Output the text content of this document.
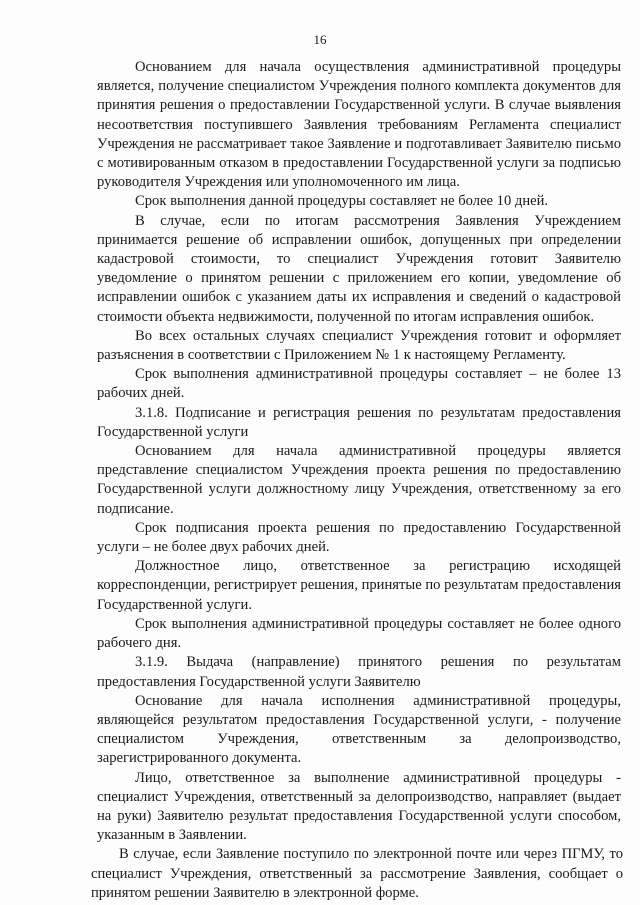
16

Основанием для начала осуществления административной процедуры является, получение специалистом Учреждения полного комплекта документов для принятия решения о предоставлении Государственной услуги. В случае выявления несоответствия поступившего Заявления требованиям Регламента специалист Учреждения не рассматривает такое Заявление и подготавливает Заявителю письмо с мотивированным отказом в предоставлении Государственной услуги за подписью руководителя Учреждения или уполномоченного им лица.

Срок выполнения данной процедуры составляет не более 10 дней.

В случае, если по итогам рассмотрения Заявления Учреждением принимается решение об исправлении ошибок, допущенных при определении кадастровой стоимости, то специалист Учреждения готовит Заявителю уведомление о принятом решении с приложением его копии, уведомление об исправлении ошибок с указанием даты их исправления и сведений о кадастровой стоимости объекта недвижимости, полученной по итогам исправления ошибок.

Во всех остальных случаях специалист Учреждения готовит и оформляет разъяснения в соответствии с Приложением № 1 к настоящему Регламенту.

Срок выполнения административной процедуры составляет – не более 13 рабочих дней.

3.1.8. Подписание и регистрация решения по результатам предоставления Государственной услуги

Основанием для начала административной процедуры является представление специалистом Учреждения проекта решения по предоставлению Государственной услуги должностному лицу Учреждения, ответственному за его подписание.

Срок подписания проекта решения по предоставлению Государственной услуги – не более двух рабочих дней.

Должностное лицо, ответственное за регистрацию исходящей корреспонденции, регистрирует решения, принятые по результатам предоставления Государственной услуги.

Срок выполнения административной процедуры составляет не более одного рабочего дня.

3.1.9. Выдача (направление) принятого решения по результатам предоставления Государственной услуги Заявителю

Основание для начала исполнения административной процедуры, являющейся результатом предоставления Государственной услуги, - получение специалистом Учреждения, ответственным за делопроизводство, зарегистрированного документа.

Лицо, ответственное за выполнение административной процедуры - специалист Учреждения, ответственный за делопроизводство, направляет (выдает на руки) Заявителю результат предоставления Государственной услуги способом, указанным в Заявлении.

В случае, если Заявление поступило по электронной почте или через ПГМУ, то специалист Учреждения, ответственный за рассмотрение Заявления, сообщает о принятом решении Заявителю в электронной форме.
